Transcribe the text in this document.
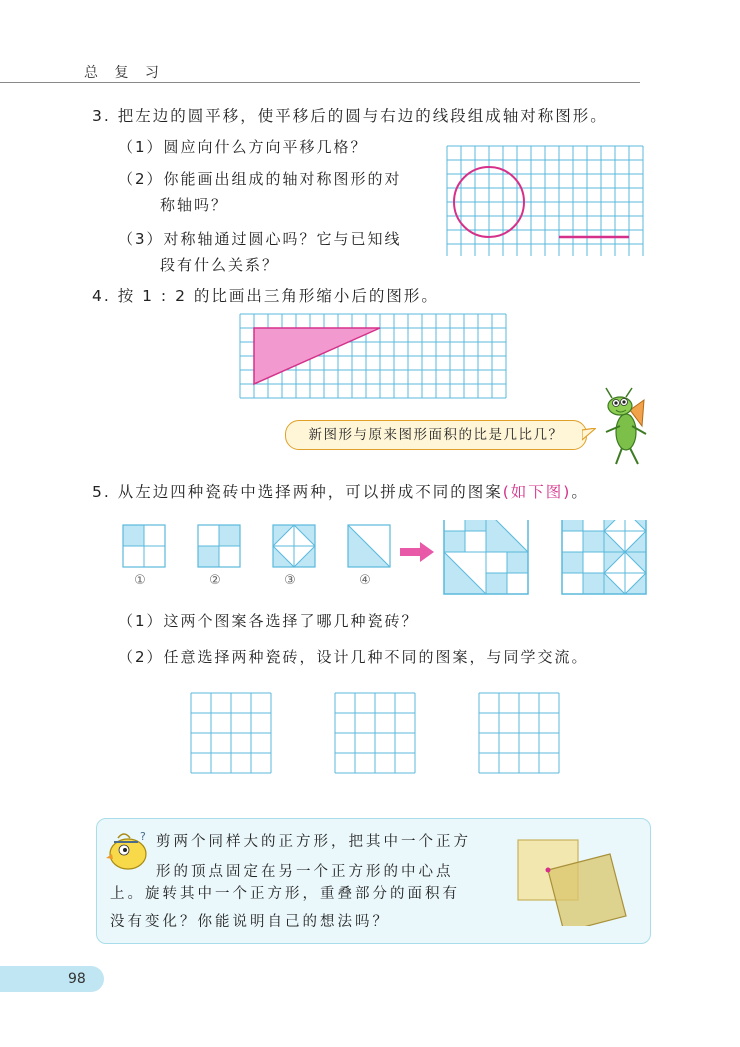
总 复 习
3. 把左边的圆平移，使平移后的圆与右边的线段组成轴对称图形。
（1）圆应向什么方向平移几格？
（2）你能画出组成的轴对称图形的对
称轴吗？
（3）对称轴通过圆心吗？它与已知线
段有什么关系？
4. 按 1 : 2 的比画出三角形缩小后的图形。
新图形与原来图形面积的比是几比几？
5. 从左边四种瓷砖中选择两种，可以拼成不同的图案(如下图)。
①	②	③	④
（1）这两个图案各选择了哪几种瓷砖？
（2）任意选择两种瓷砖，设计几种不同的图案，与同学交流。
? 剪两个同样大的正方形，把其中一个正方
形的顶点固定在另一个正方形的中心点
上。旋转其中一个正方形，重叠部分的面积有
没有变化？你能说明自己的想法吗？
98
